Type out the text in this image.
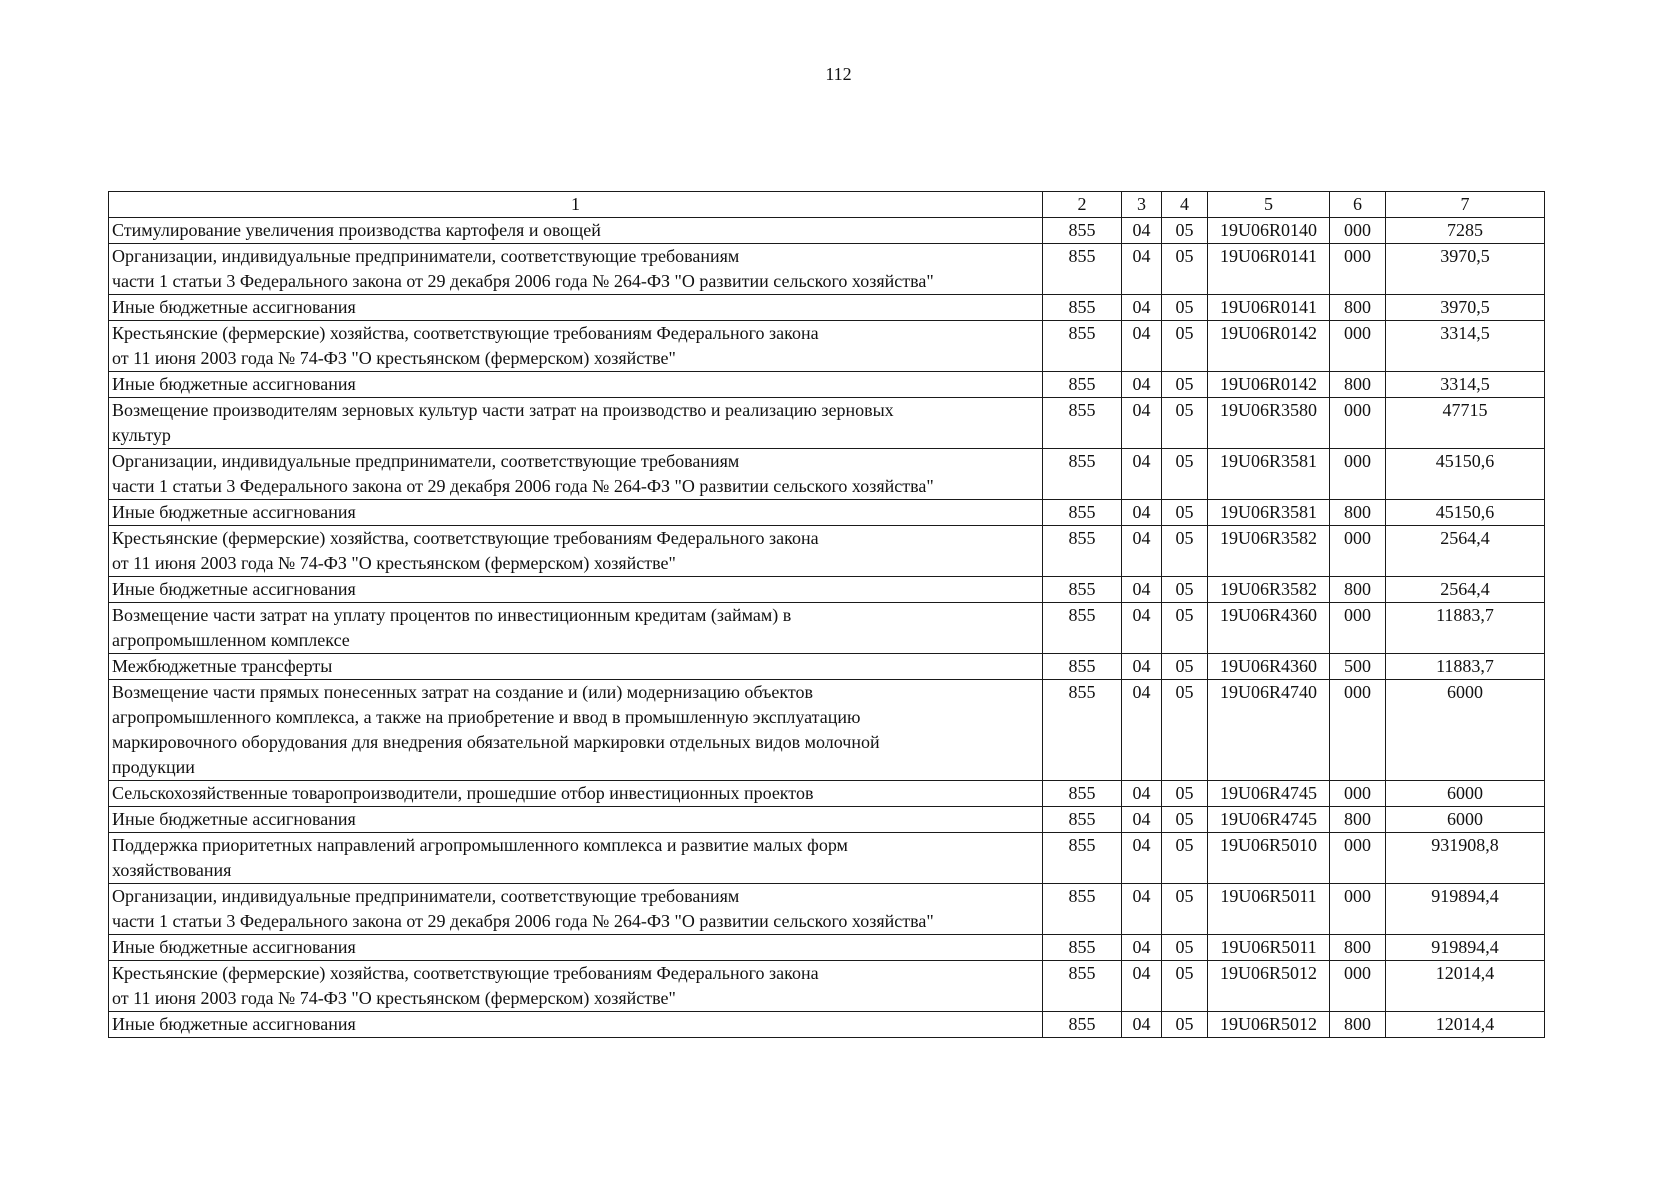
112
1	2	3	4	5	6	7
Стимулирование увеличения производства картофеля и овощей	855	04	05	19U06R0140	000	7285
Организации, индивидуальные предприниматели, соответствующие требованиям
части 1 статьи 3 Федерального закона от 29 декабря 2006 года № 264-ФЗ "О развитии сельского хозяйства"	855	04	05	19U06R0141	000	3970,5
Иные бюджетные ассигнования	855	04	05	19U06R0141	800	3970,5
Крестьянские (фермерские) хозяйства, соответствующие требованиям Федерального закона
от 11 июня 2003 года № 74-ФЗ "О крестьянском (фермерском) хозяйстве"	855	04	05	19U06R0142	000	3314,5
Иные бюджетные ассигнования	855	04	05	19U06R0142	800	3314,5
Возмещение производителям зерновых культур части затрат на производство и реализацию зерновых
культур	855	04	05	19U06R3580	000	47715
Организации, индивидуальные предприниматели, соответствующие требованиям
части 1 статьи 3 Федерального закона от 29 декабря 2006 года № 264-ФЗ "О развитии сельского хозяйства"	855	04	05	19U06R3581	000	45150,6
Иные бюджетные ассигнования	855	04	05	19U06R3581	800	45150,6
Крестьянские (фермерские) хозяйства, соответствующие требованиям Федерального закона
от 11 июня 2003 года № 74-ФЗ "О крестьянском (фермерском) хозяйстве"	855	04	05	19U06R3582	000	2564,4
Иные бюджетные ассигнования	855	04	05	19U06R3582	800	2564,4
Возмещение части затрат на уплату процентов по инвестиционным кредитам (займам) в
агропромышленном комплексе	855	04	05	19U06R4360	000	11883,7
Межбюджетные трансферты	855	04	05	19U06R4360	500	11883,7
Возмещение части прямых понесенных затрат на создание и (или) модернизацию объектов
агропромышленного комплекса, а также на приобретение и ввод в промышленную эксплуатацию
маркировочного оборудования для внедрения обязательной маркировки отдельных видов молочной
продукции	855	04	05	19U06R4740	000	6000
Сельскохозяйственные товаропроизводители, прошедшие отбор инвестиционных проектов	855	04	05	19U06R4745	000	6000
Иные бюджетные ассигнования	855	04	05	19U06R4745	800	6000
Поддержка приоритетных направлений агропромышленного комплекса и развитие малых форм
хозяйствования	855	04	05	19U06R5010	000	931908,8
Организации, индивидуальные предприниматели, соответствующие требованиям
части 1 статьи 3 Федерального закона от 29 декабря 2006 года № 264-ФЗ "О развитии сельского хозяйства"	855	04	05	19U06R5011	000	919894,4
Иные бюджетные ассигнования	855	04	05	19U06R5011	800	919894,4
Крестьянские (фермерские) хозяйства, соответствующие требованиям Федерального закона
от 11 июня 2003 года № 74-ФЗ "О крестьянском (фермерском) хозяйстве"	855	04	05	19U06R5012	000	12014,4
Иные бюджетные ассигнования	855	04	05	19U06R5012	800	12014,4
